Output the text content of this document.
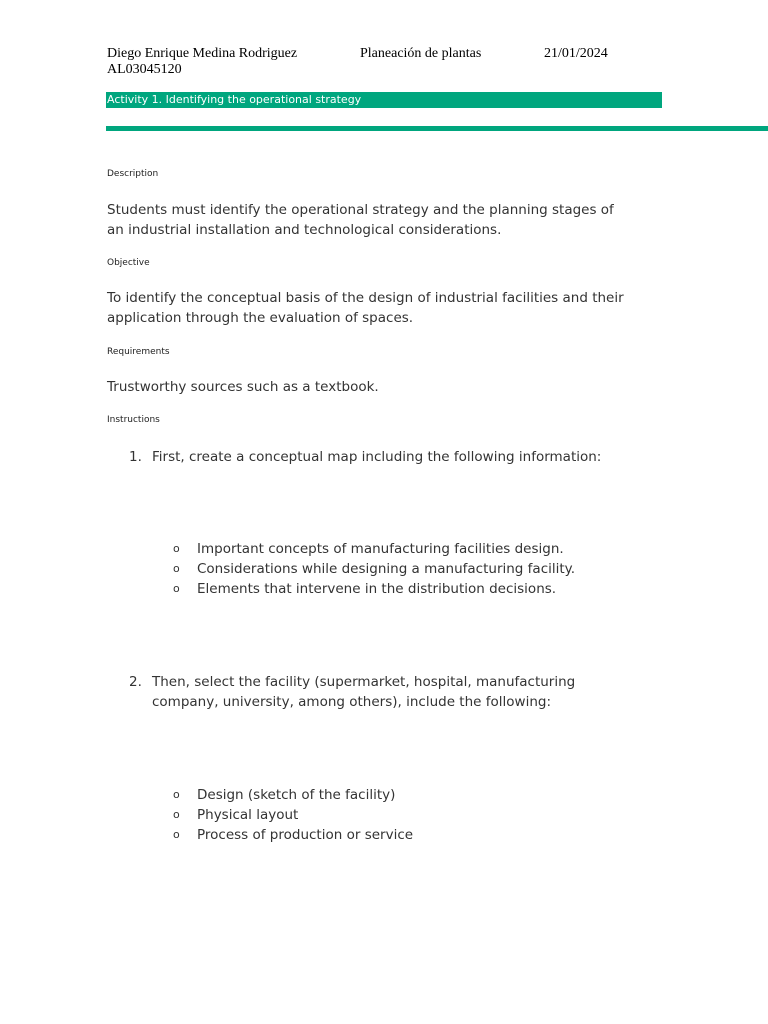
Diego Enrique Medina Rodriguez
AL03045120
Planeación de plantas	21/01/2024
Activity 1. Identifying the operational strategy
Description
Students must identify the operational strategy and the planning stages of an industrial installation and technological considerations.
Objective
To identify the conceptual basis of the design of industrial facilities and their application through the evaluation of spaces.
Requirements
Trustworthy sources such as a textbook.
Instructions
1. First, create a conceptual map including the following information:
o Important concepts of manufacturing facilities design.
o Considerations while designing a manufacturing facility.
o Elements that intervene in the distribution decisions.
2. Then, select the facility (supermarket, hospital, manufacturing company, university, among others), include the following:
o Design (sketch of the facility)
o Physical layout
o Process of production or service
